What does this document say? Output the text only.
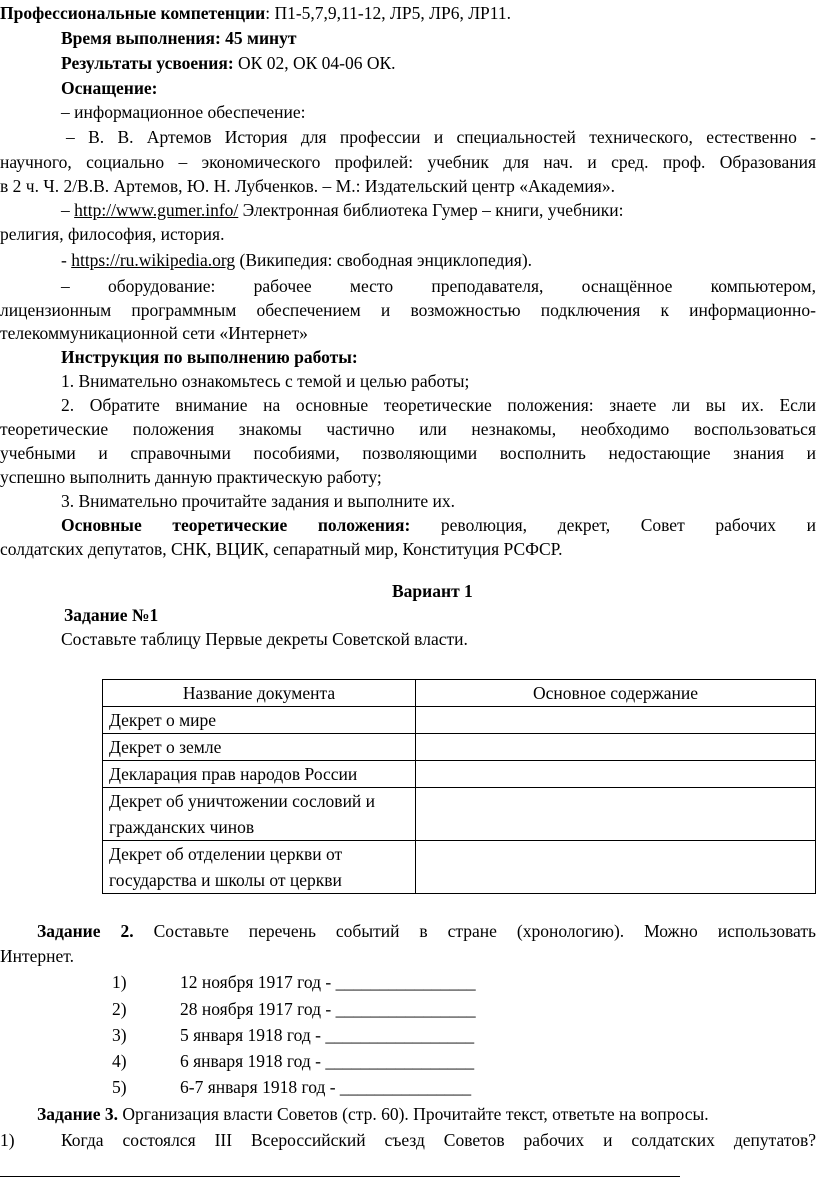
Профессиональные компетенции: П1-5,7,9,11-12, ЛР5, ЛР6, ЛР11.
Время выполнения: 45 минут
Результаты усвоения: ОК 02, ОК 04-06 ОК.
Оснащение:
– информационное обеспечение:
– В. В. Артемов История для профессии и специальностей технического, естественно -
научного, социально – экономического профилей: учебник для нач. и сред. проф. Образования
в 2 ч. Ч. 2/В.В. Артемов, Ю. Н. Лубченков. – М.: Издательский центр «Академия».
– http://www.gumer.info/ Электронная библиотека Гумер – книги, учебники:
религия, философия, история.
- https://ru.wikipedia.org (Википедия: свободная энциклопедия).
– оборудование: рабочее место преподавателя, оснащённое компьютером,
лицензионным программным обеспечением и возможностью подключения к информационно-
телекоммуникационной сети «Интернет»
Инструкция по выполнению работы:
1. Внимательно ознакомьтесь с темой и целью работы;
2. Обратите внимание на основные теоретические положения: знаете ли вы их. Если
теоретические положения знакомы частично или незнакомы, необходимо воспользоваться
учебными и справочными пособиями, позволяющими восполнить недостающие знания и
успешно выполнить данную практическую работу;
3. Внимательно прочитайте задания и выполните их.
Основные теоретические положения: революция, декрет, Совет рабочих и
солдатских депутатов, СНК, ВЦИК, сепаратный мир, Конституция РСФСР.
Вариант 1
Задание №1
Составьте таблицу Первые декреты Советской власти.
Название документа	Основное содержание
Декрет о мире	
Декрет о земле	
Декларация прав народов России	
Декрет об уничтожении сословий и гражданских чинов	
Декрет об отделении церкви от государства и школы от церкви	
Задание 2. Составьте перечень событий в стране (хронологию). Можно использовать
Интернет.
1)	12 ноября 1917 год - ________________
2)	28 ноября 1917 год - ________________
3)	5 января 1918 год - _________________
4)	6 января 1918 год - _________________
5)	6-7 января 1918 год - _______________
Задание 3. Организация власти Советов (стр. 60). Прочитайте текст, ответьте на вопросы.
1)	Когда состоялся III Всероссийский съезд Советов рабочих и солдатских депутатов?
